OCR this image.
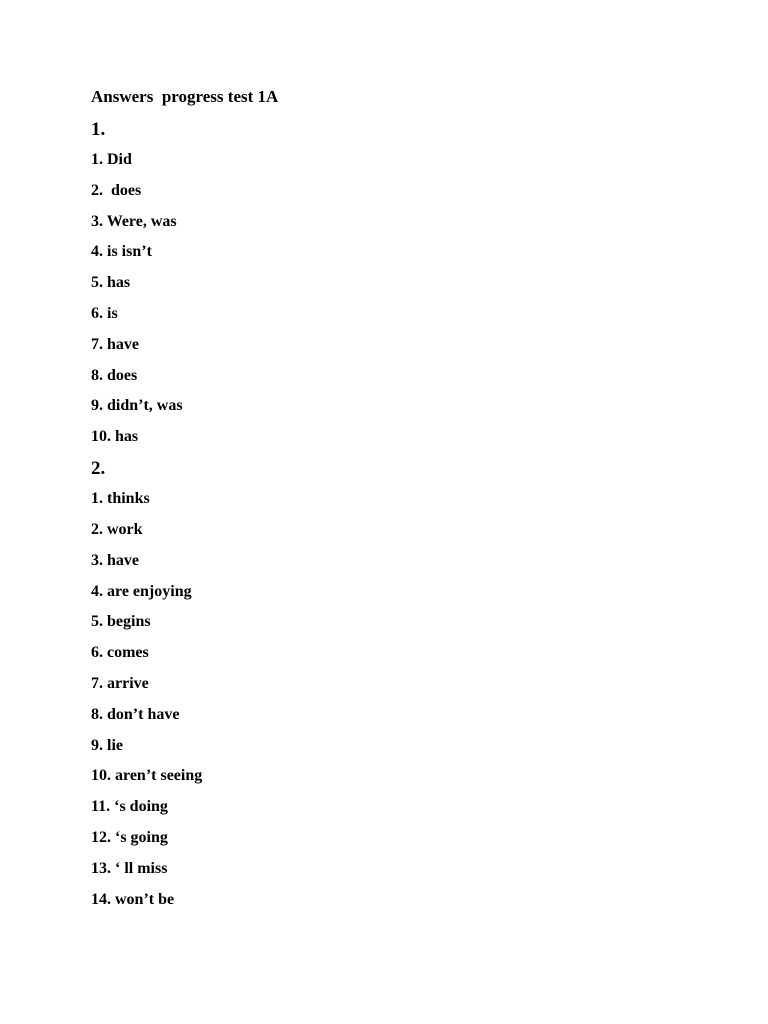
Answers  progress test 1A
1.
1. Did
2.  does
3. Were, was
4. is isn’t
5. has
6. is
7. have
8. does
9. didn’t, was
10. has
2.
1. thinks
2. work
3. have
4. are enjoying
5. begins
6. comes
7. arrive
8. don’t have
9. lie
10. aren’t seeing
11. ‘s doing
12. ‘s going
13. ‘ ll miss
14. won’t be
